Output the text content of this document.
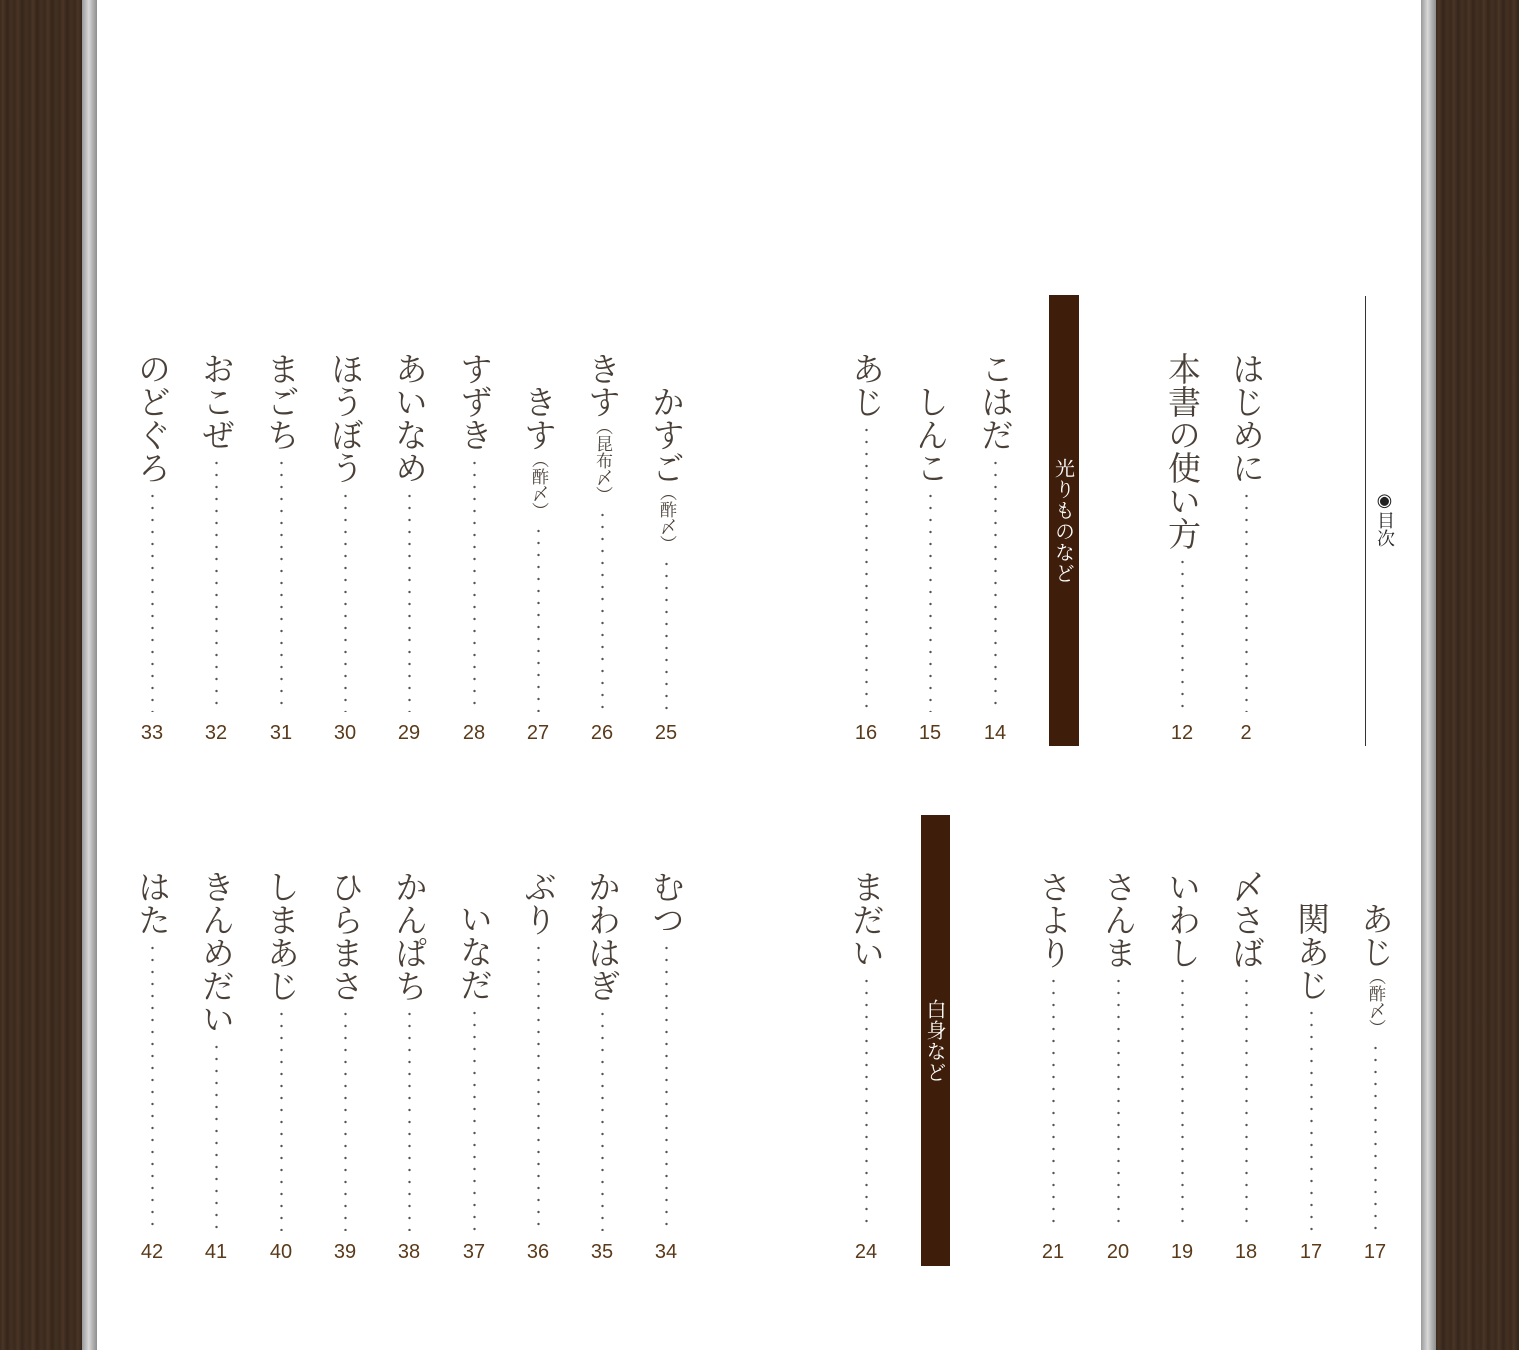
◉目次
光りものなど
白身など
はじめに
2
本書の使い方
12
こはだ
14
しんこ
15
あじ
16
かすご（酢〆）
25
きす（昆布〆）
26
きす（酢〆）
27
すずき
28
あいなめ
29
ほうぼう
30
まごち
31
おこぜ
32
のどぐろ
33
あじ（酢〆）
17
関あじ
17
〆さば
18
いわし
19
さんま
20
さより
21
まだい
24
むつ
34
かわはぎ
35
ぶり
36
いなだ
37
かんぱち
38
ひらまさ
39
しまあじ
40
きんめだい
41
はた
42
